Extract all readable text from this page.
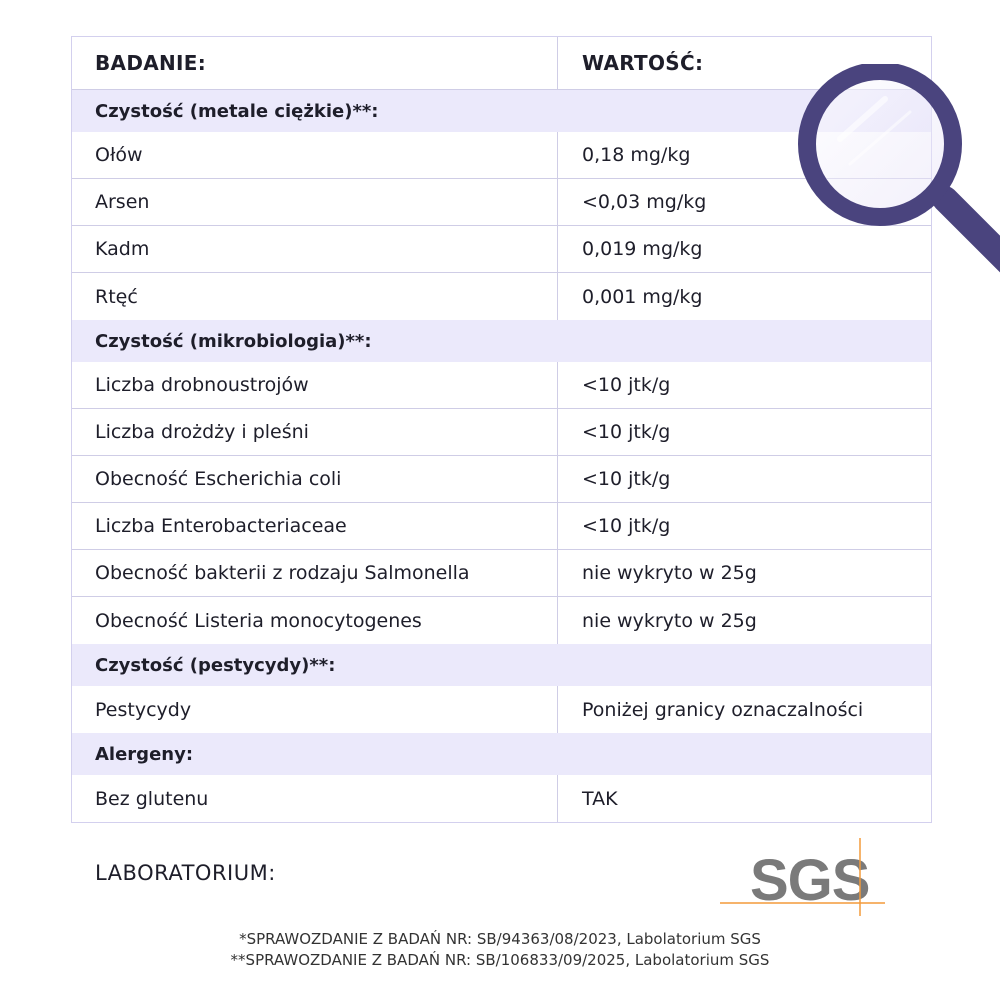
BADANIE:	WARTOŚĆ:
Czystość (metale ciężkie)**:
Ołów	0,18 mg/kg
Arsen	<0,03 mg/kg
Kadm	0,019 mg/kg
Rtęć	0,001 mg/kg
Czystość (mikrobiologia)**:
Liczba drobnoustrojów	<10 jtk/g
Liczba drożdży i pleśni	<10 jtk/g
Obecność Escherichia coli	<10 jtk/g
Liczba Enterobacteriaceae	<10 jtk/g
Obecność bakterii z rodzaju Salmonella	nie wykryto w 25g
Obecność Listeria monocytogenes	nie wykryto w 25g
Czystość (pestycydy)**:
Pestycydy	Poniżej granicy oznaczalności
Alergeny:
Bez glutenu	TAK
LABORATORIUM:	SGS
*SPRAWOZDANIE Z BADAŃ NR: SB/94363/08/2023, Labolatorium SGS
**SPRAWOZDANIE Z BADAŃ NR: SB/106833/09/2025, Labolatorium SGS
